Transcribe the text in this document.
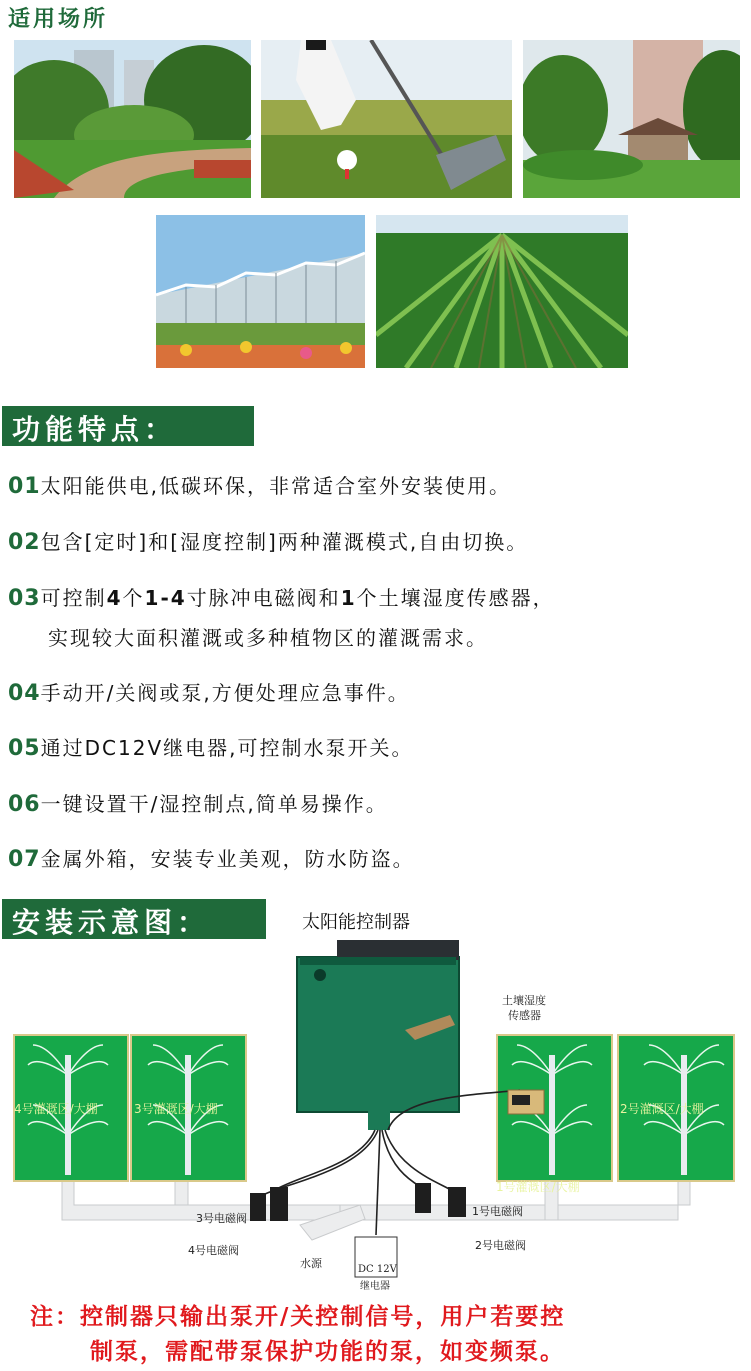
适用场所
功能特点：
01太阳能供电,低碳环保，非常适合室外安装使用。
02包含[定时]和[湿度控制]两种灌溉模式,自由切换。
03可控制4个1-4寸脉冲电磁阀和1个土壤湿度传感器，
实现较大面积灌溉或多种植物区的灌溉需求。
04手动开/关阀或泵,方便处理应急事件。
05通过DC12V继电器,可控制水泵开关。
06一键设置干/湿控制点,简单易操作。
07金属外箱，安装专业美观，防水防盗。
安装示意图：	太阳能控制器
土壤湿度
传感器
4号灌溉区/大棚	3号灌溉区/大棚
1号灌溉区/大棚
2号灌溉区/大棚
3号电磁阀
4号电磁阀
1号电磁阀
2号电磁阀
水源	DC 12V
继电器
注：控制器只输出泵开/关控制信号，用户若要控
制泵，需配带泵保护功能的泵，如变频泵。
